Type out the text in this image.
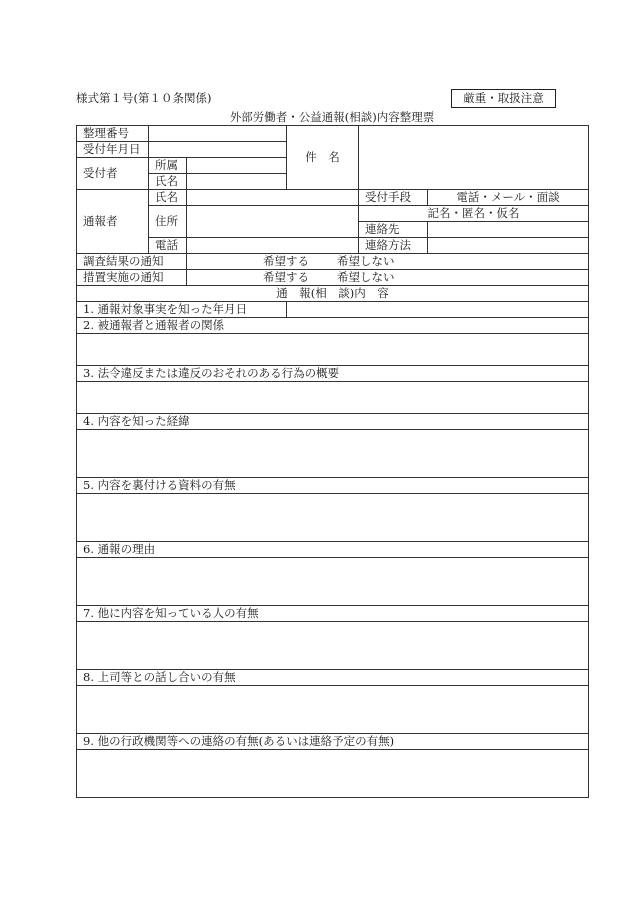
様式第１号(第１０条関係)	厳重・取扱注意
外部労働者・公益通報(相談)内容整理票
整理番号			件　名		
受付年月日					
受付者	所属				
	氏名				
通報者	氏名			受付手段	電話・メール・面談
	住所			記名・匿名・仮名	
				連絡先	
	電話			連絡方法	
調査結果の通知		希望する 希望しない			
措置実施の通知		希望する 希望しない			
通　報(相　談)内　容					
1. 通報対象事実を知った年月日					
2. 被通報者と通報者の関係					

3. 法令違反または違反のおそれのある行為の概要					

4. 内容を知った経緯					

5. 内容を裏付ける資料の有無					

6. 通報の理由					

7. 他に内容を知っている人の有無					

8. 上司等との話し合いの有無					

9. 他の行政機関等への連絡の有無(あるいは連絡予定の有無)					
